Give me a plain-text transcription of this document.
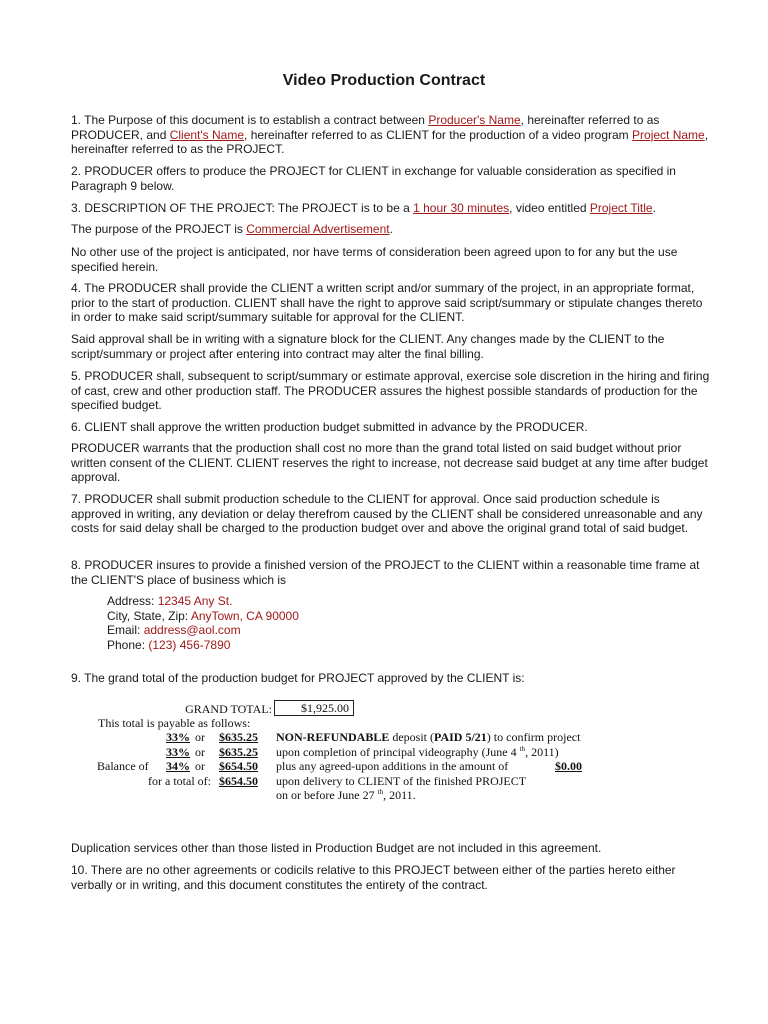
Video Production Contract

1. The Purpose of this document is to establish a contract between Producer's Name, hereinafter referred to as PRODUCER, and Client's Name, hereinafter referred to as CLIENT for the production of a video program Project Name, hereinafter referred to as the PROJECT.

2. PRODUCER offers to produce the PROJECT for CLIENT in exchange for valuable consideration as specified in Paragraph 9 below.

3. DESCRIPTION OF THE PROJECT: The PROJECT is to be a 1 hour 30 minutes, video entitled Project Title.

The purpose of the PROJECT is Commercial Advertisement.

No other use of the project is anticipated, nor have terms of consideration been agreed upon to for any but the use specified herein.

4. The PRODUCER shall provide the CLIENT a written script and/or summary of the project, in an appropriate format, prior to the start of production. CLIENT shall have the right to approve said script/summary or stipulate changes thereto in order to make said script/summary suitable for approval for the CLIENT.

Said approval shall be in writing with a signature block for the CLIENT. Any changes made by the CLIENT to the script/summary or project after entering into contract may alter the final billing.

5. PRODUCER shall, subsequent to script/summary or estimate approval, exercise sole discretion in the hiring and firing of cast, crew and other production staff. The PRODUCER assures the highest possible standards of production for the specified budget.

6. CLIENT shall approve the written production budget submitted in advance by the PRODUCER.

PRODUCER warrants that the production shall cost no more than the grand total listed on said budget without prior written consent of the CLIENT. CLIENT reserves the right to increase, not decrease said budget at any time after budget approval.

7. PRODUCER shall submit production schedule to the CLIENT for approval. Once said production schedule is approved in writing, any deviation or delay therefrom caused by the CLIENT shall be considered unreasonable and any costs for said delay shall be charged to the production budget over and above the original grand total of said budget.

8. PRODUCER insures to provide a finished version of the PROJECT to the CLIENT within a reasonable time frame at the CLIENT'S place of business which is

Address: 12345 Any St.
City, State, Zip: AnyTown, CA 90000
Email: address@aol.com
Phone: (123) 456-7890

9. The grand total of the production budget for PROJECT approved by the CLIENT is:

GRAND TOTAL:	$1,925.00
This total is payable as follows:
33% or $635.25 NON-REFUNDABLE deposit (PAID 5/21) to confirm project
33% or $635.25 upon completion of principal videography (June 4 $^{th}$, 2011)
Balance of 34% or $654.50 plus any agreed-upon additions in the amount of	$0.00
for a total of: $654.50 upon delivery to CLIENT of the finished PROJECT
on or before June 27 $^{th}$, 2011.

Duplication services other than those listed in Production Budget are not included in this agreement.

10. There are no other agreements or codicils relative to this PROJECT between either of the parties hereto either verbally or in writing, and this document constitutes the entirety of the contract.
